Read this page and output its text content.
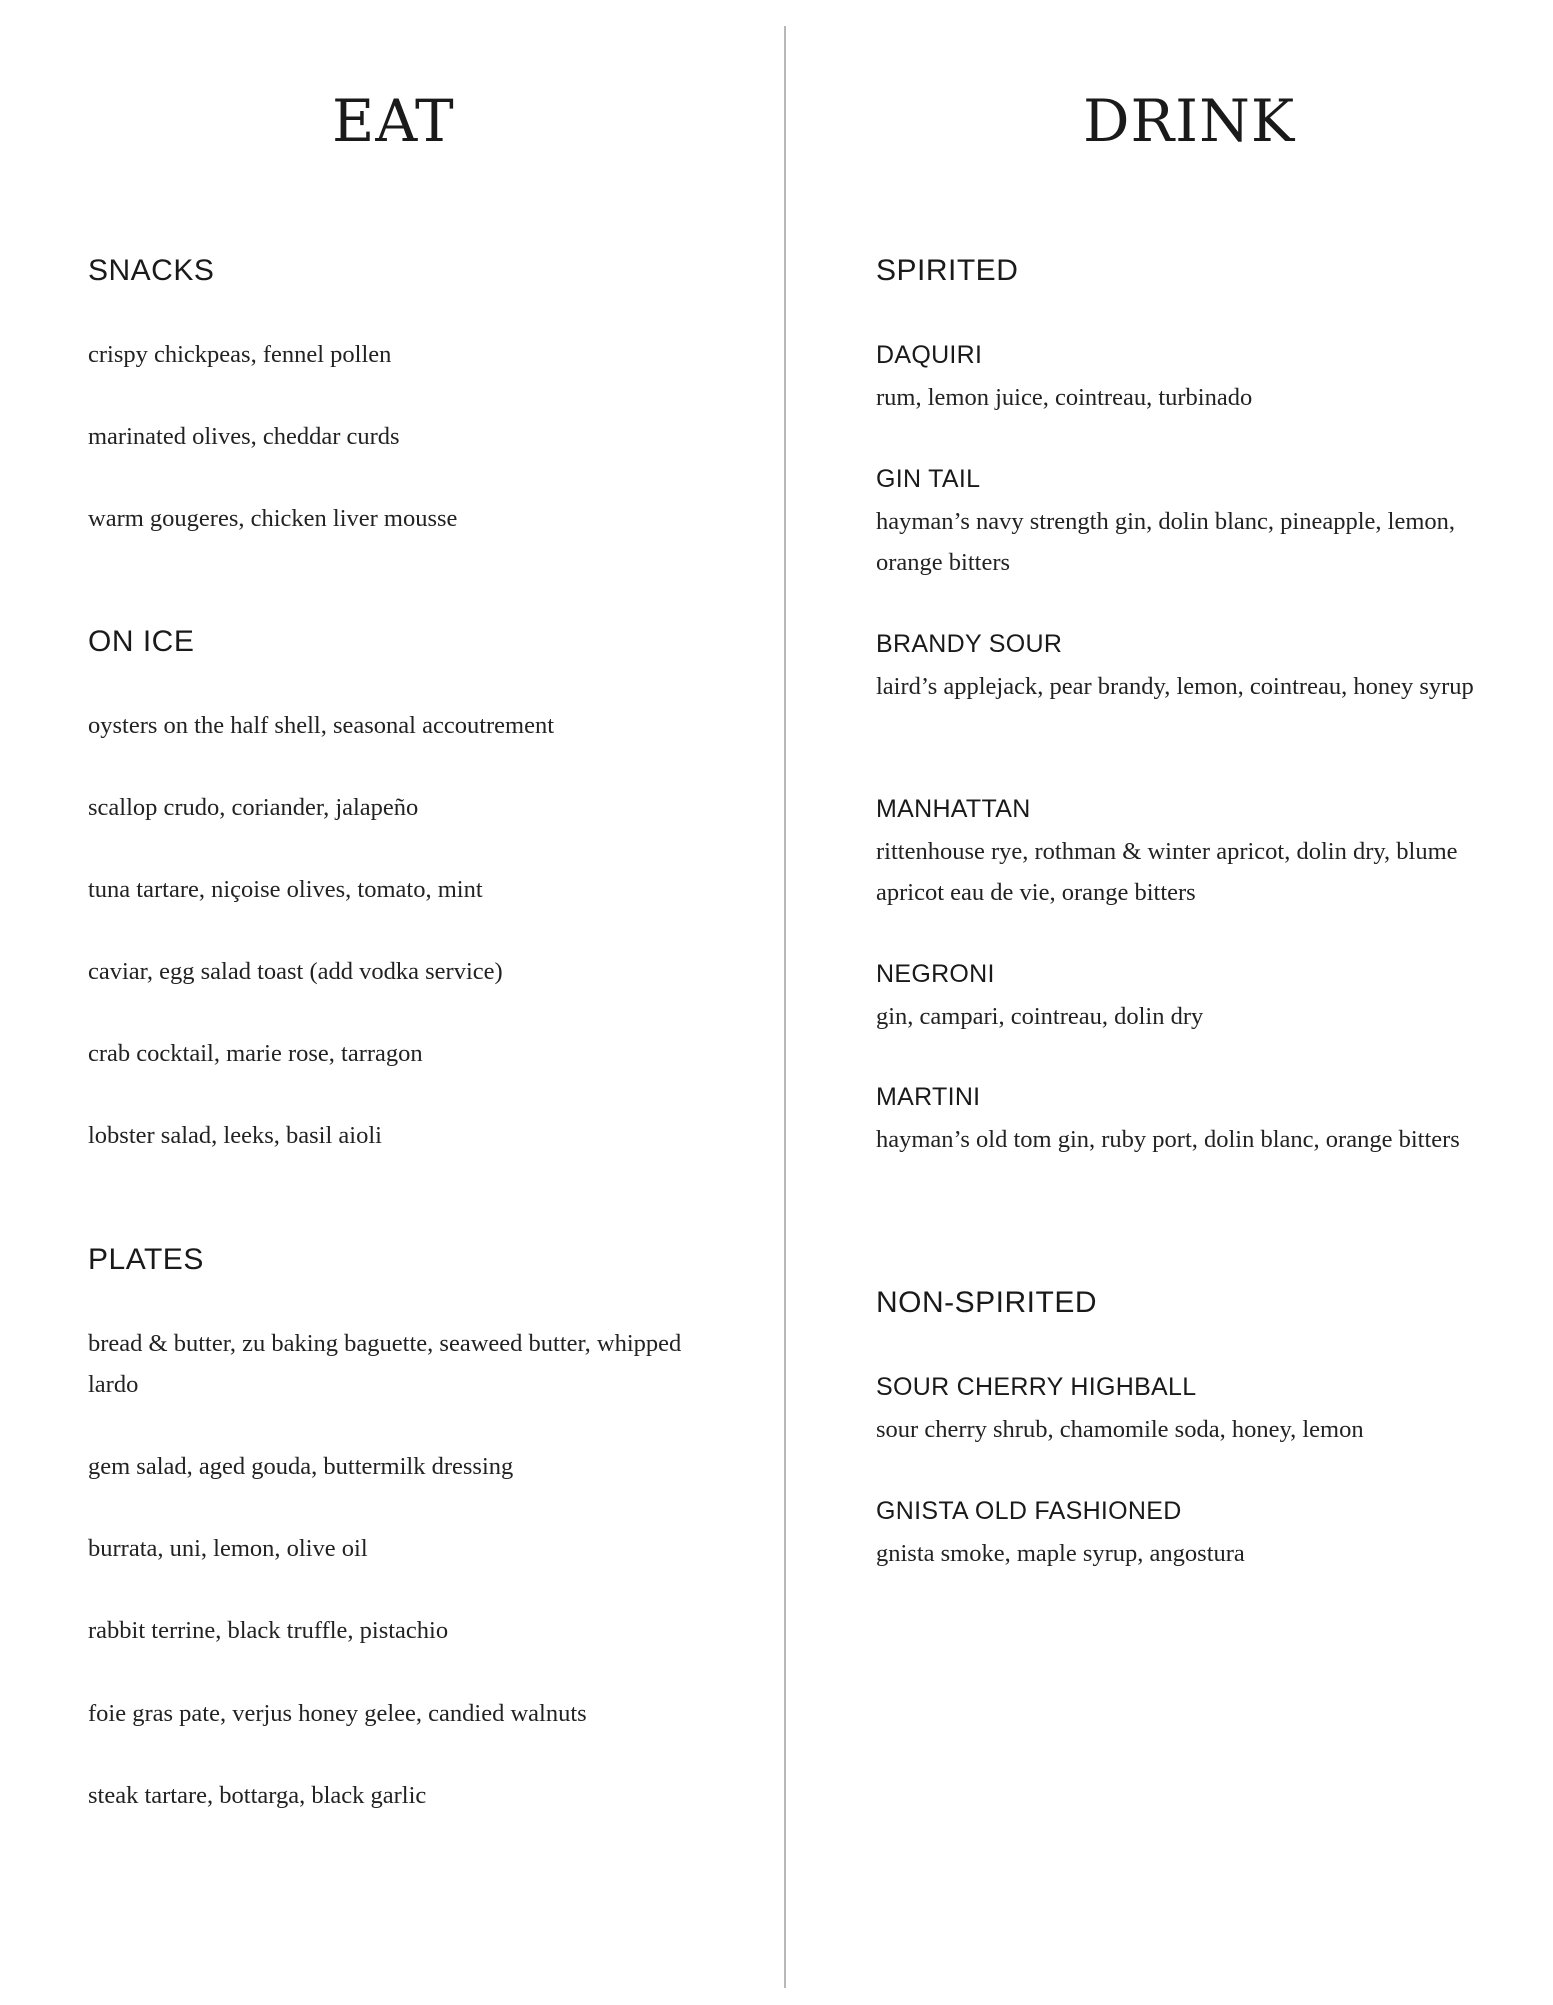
EAT
SNACKS

crispy chickpeas, fennel pollen

marinated olives, cheddar curds

warm gougeres, chicken liver mousse

ON ICE

oysters on the half shell, seasonal accoutrement

scallop crudo, coriander, jalapeño

tuna tartare, niçoise olives, tomato, mint

caviar, egg salad toast (add vodka service)

crab cocktail, marie rose, tarragon

lobster salad, leeks, basil aioli

PLATES

bread & butter, zu baking baguette, seaweed butter, whipped lardo

gem salad, aged gouda, buttermilk dressing

burrata, uni, lemon, olive oil

rabbit terrine, black truffle, pistachio

foie gras pate, verjus honey gelee, candied walnuts

steak tartare, bottarga, black garlic

DRINK
SPIRITED
DAQUIRI
rum, lemon juice, cointreau, turbinado
GIN TAIL
hayman’s navy strength gin, dolin blanc, pineapple, lemon, orange bitters
BRANDY SOUR
laird’s applejack, pear brandy, lemon, cointreau, honey syrup
MANHATTAN
rittenhouse rye, rothman & winter apricot, dolin dry, blume apricot eau de vie, orange bitters
NEGRONI
gin, campari, cointreau, dolin dry
MARTINI
hayman’s old tom gin, ruby port, dolin blanc, orange bitters
NON-SPIRITED
SOUR CHERRY HIGHBALL
sour cherry shrub, chamomile soda, honey, lemon
GNISTA OLD FASHIONED
gnista smoke, maple syrup, angostura
